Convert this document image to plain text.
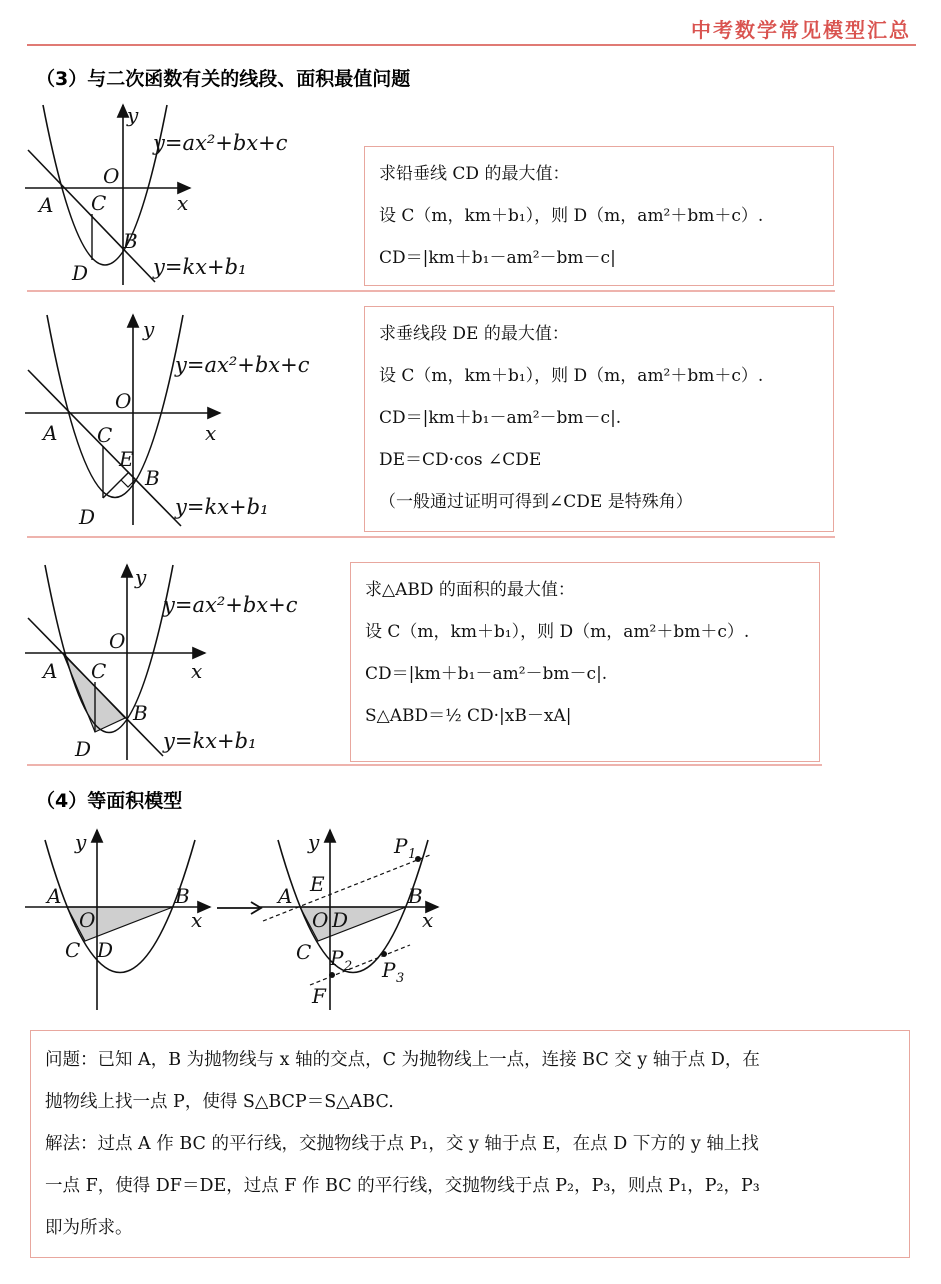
中考数学常见模型汇总
（3）与二次函数有关的线段、面积最值问题
y
x
O
A C
B
D
y=ax²+bx+c
y=kx+b₁
求铅垂线 CD 的最大值：
设 C（m，km＋b₁），则 D（m，am²＋bm＋c）.
CD＝|km＋b₁－am²－bm－c|
y
x
O
A C
E
B
D
y=ax²+bx+c
y=kx+b₁
求垂线段 DE 的最大值：
设 C（m，km＋b₁），则 D（m，am²＋bm＋c）.
CD＝|km＋b₁－am²－bm－c|.
DE＝CD·cos ∠CDE
（一般通过证明可得到∠CDE 是特殊角）
y
x
O
A C
B
D
y=ax²+bx+c
y=kx+b₁
求△ABD 的面积的最大值：
设 C（m，km＋b₁），则 D（m，am²＋bm＋c）.
CD＝|km＋b₁－am²－bm－c|.
S△ABD＝½ CD·|xB－xA|
（4）等面积模型
y
x
A	B
O
C D
y
x
A E	B
O D
C
F
P 1
P 2 P 3
问题：已知 A，B 为抛物线与 x 轴的交点，C 为抛物线上一点，连接 BC 交 y 轴于点 D，在
抛物线上找一点 P，使得 S△BCP＝S△ABC.
解法：过点 A 作 BC 的平行线，交抛物线于点 P₁，交 y 轴于点 E，在点 D 下方的 y 轴上找
一点 F，使得 DF＝DE，过点 F 作 BC 的平行线，交抛物线于点 P₂，P₃，则点 P₁，P₂，P₃
即为所求。
